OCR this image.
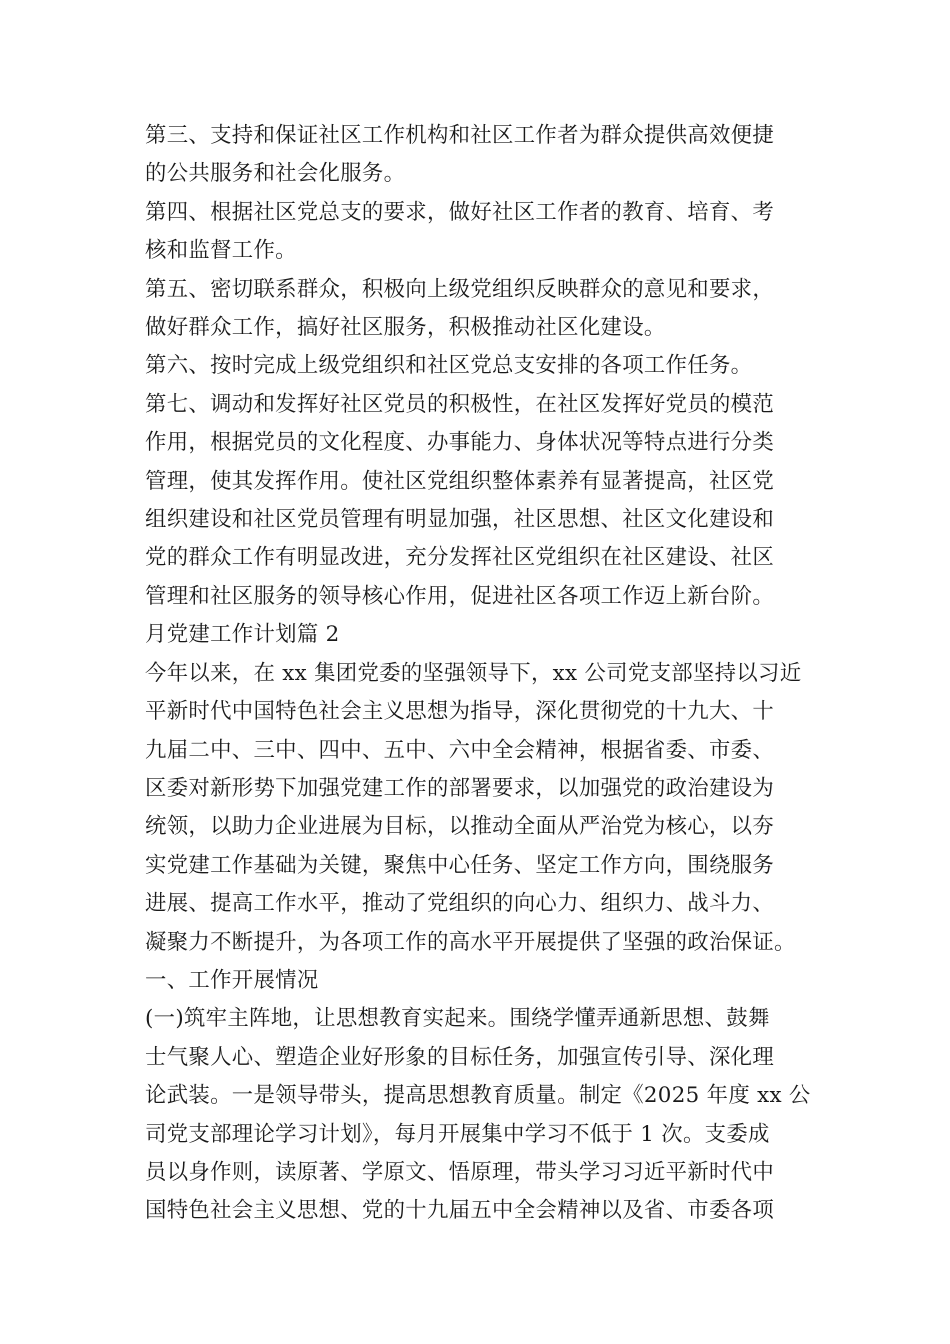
第三、支持和保证社区工作机构和社区工作者为群众提供高效便捷
的公共服务和社会化服务。
第四、根据社区党总支的要求，做好社区工作者的教育、培育、考
核和监督工作。
第五、密切联系群众，积极向上级党组织反映群众的意见和要求，
做好群众工作，搞好社区服务，积极推动社区化建设。
第六、按时完成上级党组织和社区党总支安排的各项工作任务。
第七、调动和发挥好社区党员的积极性，在社区发挥好党员的模范
作用，根据党员的文化程度、办事能力、身体状况等特点进行分类
管理，使其发挥作用。使社区党组织整体素养有显著提高，社区党
组织建设和社区党员管理有明显加强，社区思想、社区文化建设和
党的群众工作有明显改进，充分发挥社区党组织在社区建设、社区
管理和社区服务的领导核心作用，促进社区各项工作迈上新台阶。
月党建工作计划篇 2
今年以来，在 xx 集团党委的坚强领导下，xx 公司党支部坚持以习近
平新时代中国特色社会主义思想为指导，深化贯彻党的十九大、十
九届二中、三中、四中、五中、六中全会精神，根据省委、市委、
区委对新形势下加强党建工作的部署要求，以加强党的政治建设为
统领，以助力企业进展为目标，以推动全面从严治党为核心，以夯
实党建工作基础为关键，聚焦中心任务、坚定工作方向，围绕服务
进展、提高工作水平，推动了党组织的向心力、组织力、战斗力、
凝聚力不断提升，为各项工作的高水平开展提供了坚强的政治保证。
一、工作开展情况
(一)筑牢主阵地，让思想教育实起来。围绕学懂弄通新思想、鼓舞
士气聚人心、塑造企业好形象的目标任务，加强宣传引导、深化理
论武装。一是领导带头，提高思想教育质量。制定《2025 年度 xx 公
司党支部理论学习计划》，每月开展集中学习不低于 1 次。支委成
员以身作则，读原著、学原文、悟原理，带头学习习近平新时代中
国特色社会主义思想、党的十九届五中全会精神以及省、市委各项
